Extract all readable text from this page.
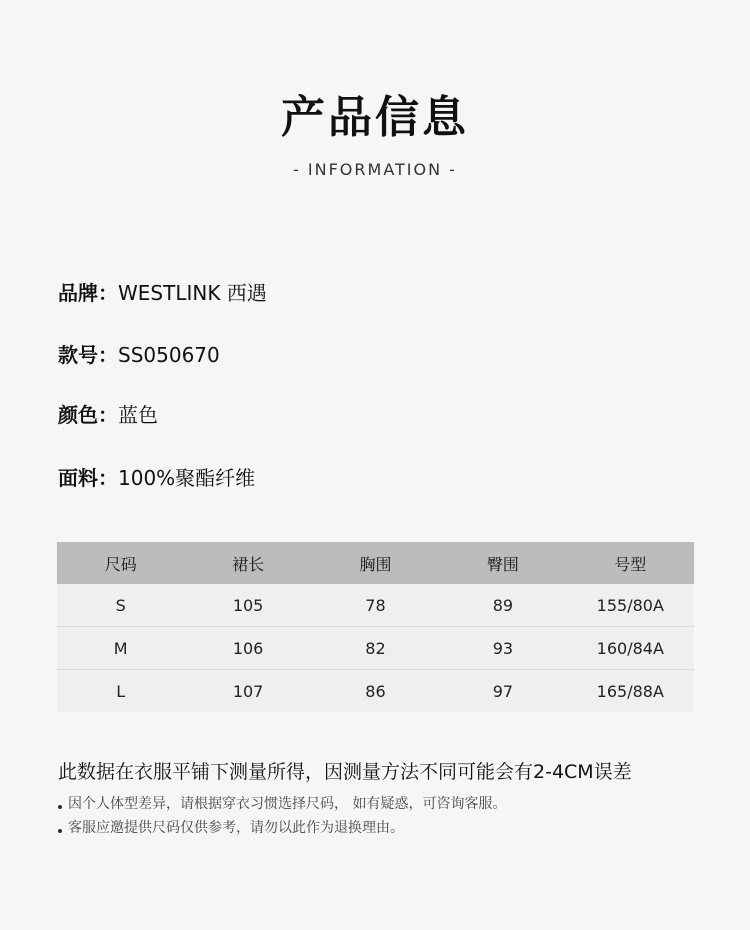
产品信息
- INFORMATION -
品牌：WESTLINK 西遇
款号：SS050670
颜色：蓝色
面料：100%聚酯纤维
尺码	裙长	胸围	臀围	号型
S	105	78	89	155/80A
M	106	82	93	160/84A
L	107	86	97	165/88A
此数据在衣服平铺下测量所得，因测量方法不同可能会有2-4CM误差
因个人体型差异，请根据穿衣习惯选择尺码， 如有疑惑，可咨询客服。
客服应邀提供尺码仅供参考，请勿以此作为退换理由。
